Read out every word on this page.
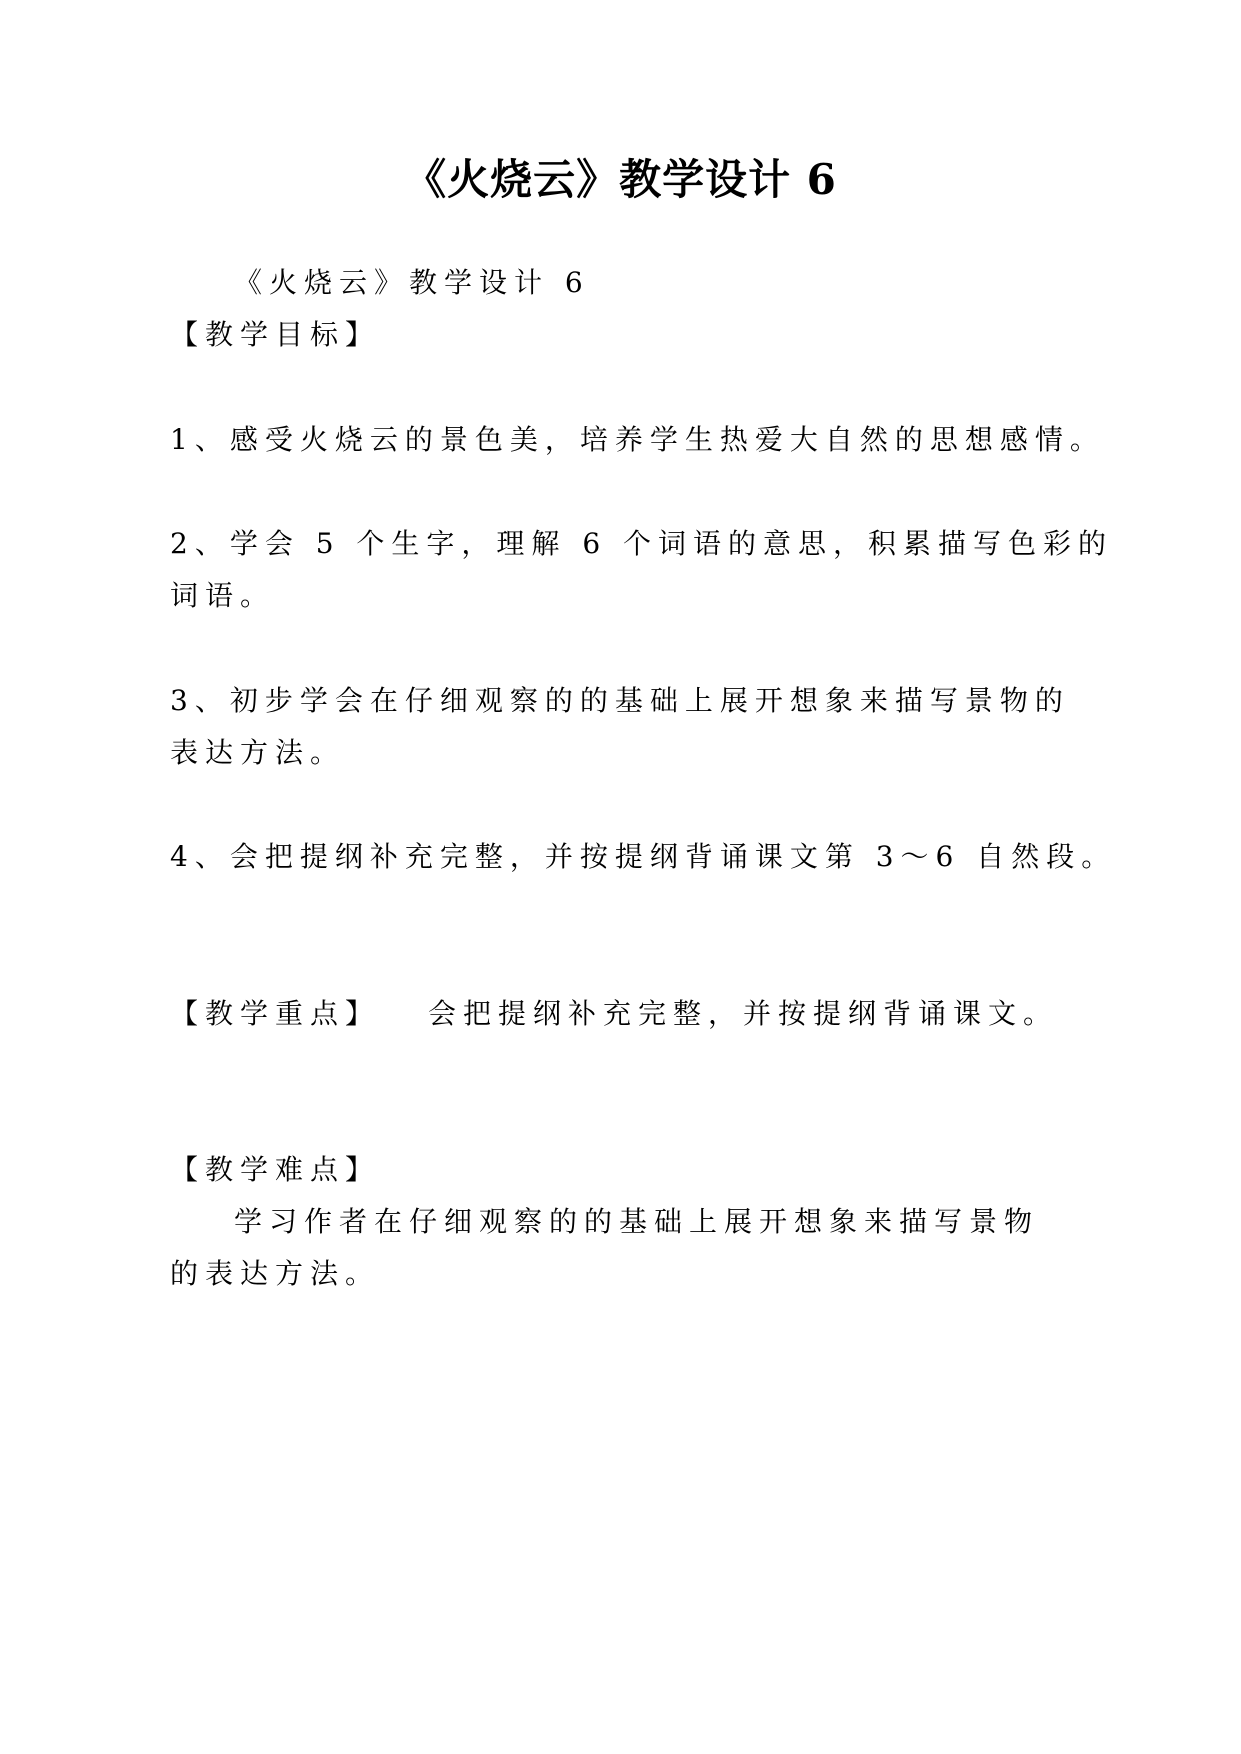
《火烧云》教学设计 6
《火烧云》教学设计 6
【教学目标】
1、感受火烧云的景色美，培养学生热爱大自然的思想感情。
2、学会 5 个生字，理解 6 个词语的意思，积累描写色彩的
词语。
3、初步学会在仔细观察的的基础上展开想象来描写景物的
表达方法。
4、会把提纲补充完整，并按提纲背诵课文第 3～6 自然段。
【教学重点】 会把提纲补充完整，并按提纲背诵课文。
【教学难点】
学习作者在仔细观察的的基础上展开想象来描写景物
的表达方法。
